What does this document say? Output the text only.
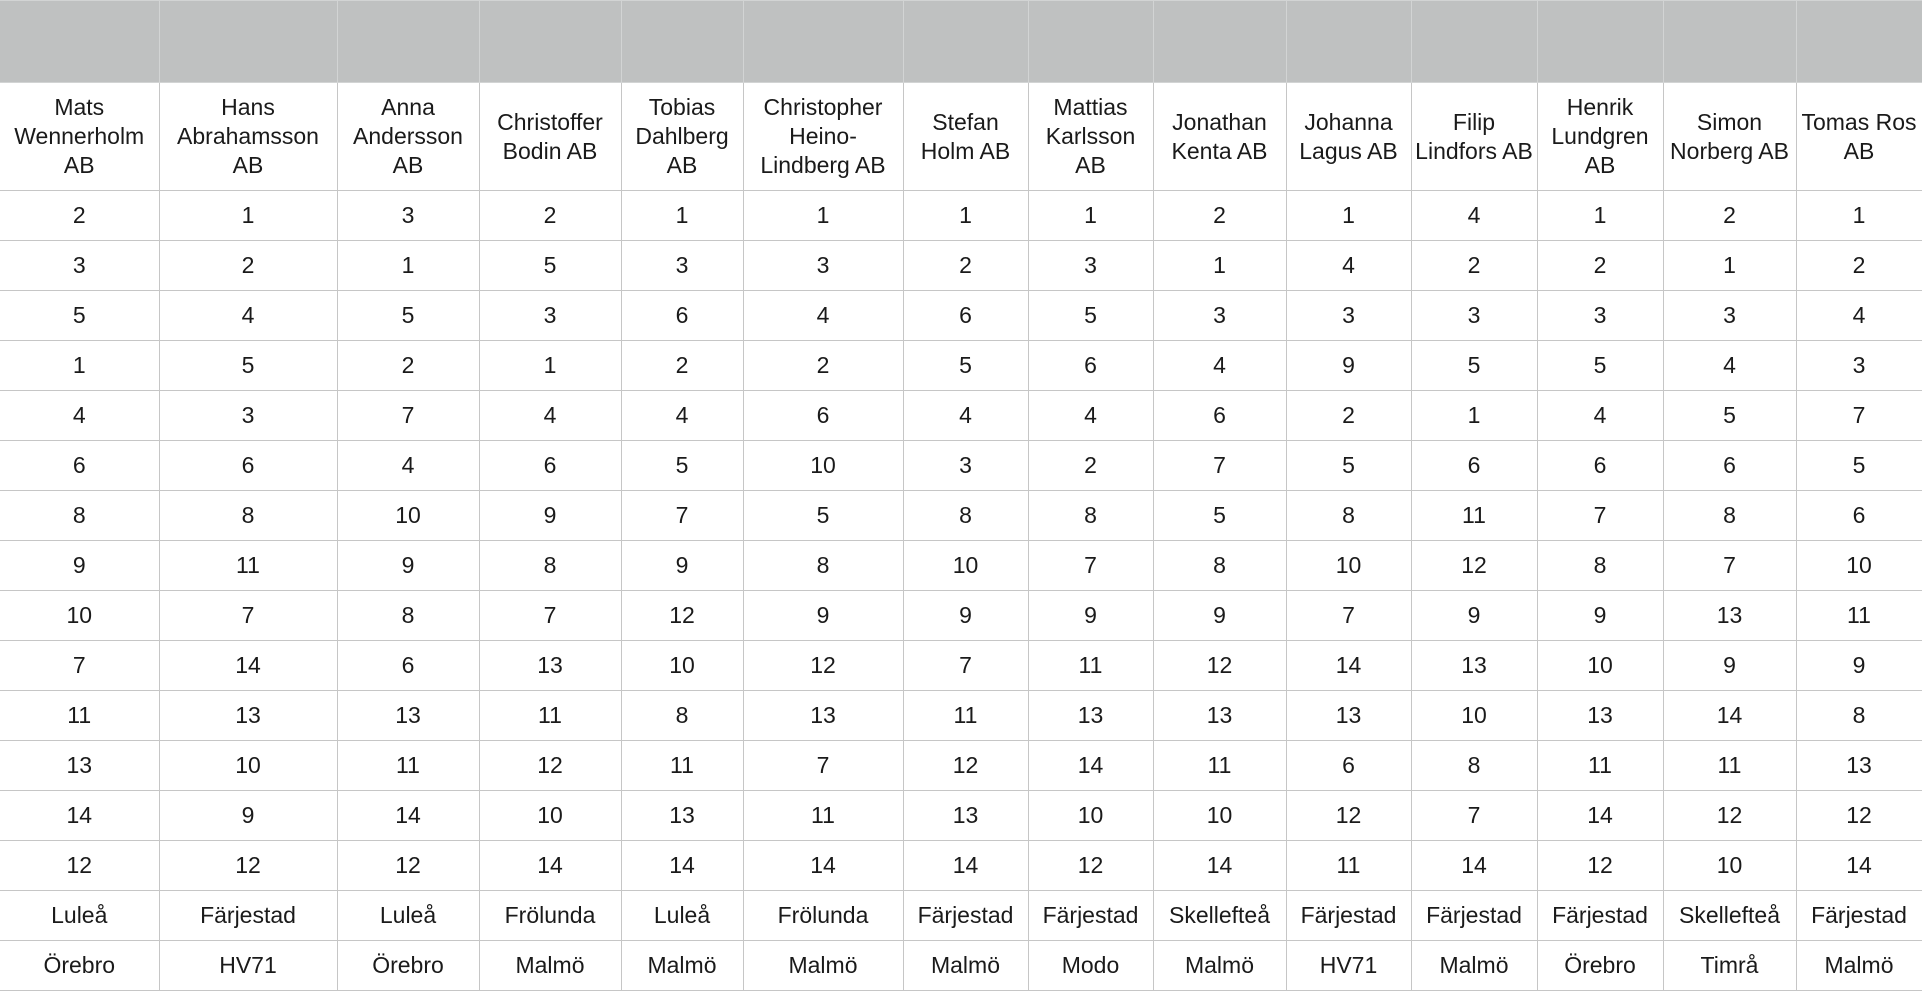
Mats Wennerholm AB	Hans Abrahamsson AB	Anna Andersson AB	Christoffer Bodin AB	Tobias Dahlberg AB	Christopher Heino-Lindberg AB	Stefan Holm AB	Mattias Karlsson AB	Jonathan Kenta AB	Johanna Lagus AB	Filip Lindfors AB	Henrik Lundgren AB	Simon Norberg AB	Tomas Ros AB
2	1	3	2	1	1	1	1	2	1	4	1	2	1
3	2	1	5	3	3	2	3	1	4	2	2	1	2
5	4	5	3	6	4	6	5	3	3	3	3	3	4
1	5	2	1	2	2	5	6	4	9	5	5	4	3
4	3	7	4	4	6	4	4	6	2	1	4	5	7
6	6	4	6	5	10	3	2	7	5	6	6	6	5
8	8	10	9	7	5	8	8	5	8	11	7	8	6
9	11	9	8	9	8	10	7	8	10	12	8	7	10
10	7	8	7	12	9	9	9	9	7	9	9	13	11
7	14	6	13	10	12	7	11	12	14	13	10	9	9
11	13	13	11	8	13	11	13	13	13	10	13	14	8
13	10	11	12	11	7	12	14	11	6	8	11	11	13
14	9	14	10	13	11	13	10	10	12	7	14	12	12
12	12	12	14	14	14	14	12	14	11	14	12	10	14
Luleå	Färjestad	Luleå	Frölunda	Luleå	Frölunda	Färjestad	Färjestad	Skellefteå	Färjestad	Färjestad	Färjestad	Skellefteå	Färjestad
Örebro	HV71	Örebro	Malmö	Malmö	Malmö	Malmö	Modo	Malmö	HV71	Malmö	Örebro	Timrå	Malmö
